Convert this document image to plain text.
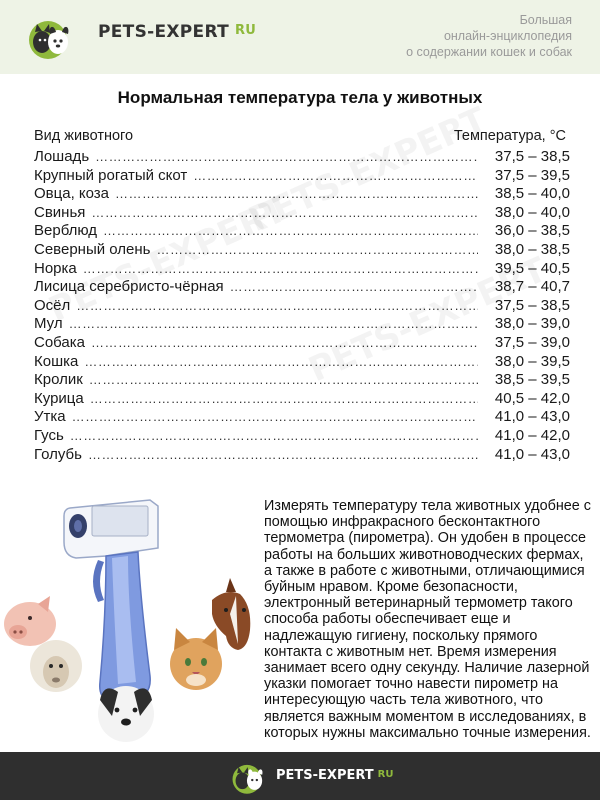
PETS-EXPERT RU
Большая
онлайн-энциклопедия
о содержании кошек и собак
Нормальная температура тела у животных
Вид животного	Температура, °С
Лошадь ……………………………………………………………………………………………………………………	37,5 – 38,5
Крупный рогатый скот ……………………………………………………………………………………………………………………	37,5 – 39,5
Овца, коза ……………………………………………………………………………………………………………………	38,5 – 40,0
Свинья ……………………………………………………………………………………………………………………	38,0 – 40,0
Верблюд ……………………………………………………………………………………………………………………	36,0 – 38,5
Северный олень ……………………………………………………………………………………………………………………	38,0 – 38,5
Норка ……………………………………………………………………………………………………………………	39,5 – 40,5
Лисица серебристо-чёрная ……………………………………………………………………………………………………………………	38,7 – 40,7
Осёл ……………………………………………………………………………………………………………………	37,5 – 38,5
Мул ……………………………………………………………………………………………………………………	38,0 – 39,0
Собака ……………………………………………………………………………………………………………………	37,5 – 39,0
Кошка ……………………………………………………………………………………………………………………	38,0 – 39,5
Кролик ……………………………………………………………………………………………………………………	38,5 – 39,5
Курица ……………………………………………………………………………………………………………………	40,5 – 42,0
Утка ……………………………………………………………………………………………………………………	41,0 – 43,0
Гусь ……………………………………………………………………………………………………………………	41,0 – 42,0
Голубь ……………………………………………………………………………………………………………………	41,0 – 43,0
Измерять температуру тела животных удобнее с помощью инфракрасного бесконтактного термометра (пирометра). Он удобен в процессе работы на больших животноводческих фермах, а также в работе с животными, отличающимися буйным нравом. Кроме безопасности, электронный ветеринарный термометр такого способа работы обеспечивает еще и надлежащую гигиену, поскольку прямого контакта с животным нет. Время измерения занимает всего одну секунду. Наличие лазерной указки помогает точно навести пирометр на интересующую часть тела животного, что является важным моментом в исследованиях, в которых нужны максимально точные измерения.
PETS-EXPERT RU
